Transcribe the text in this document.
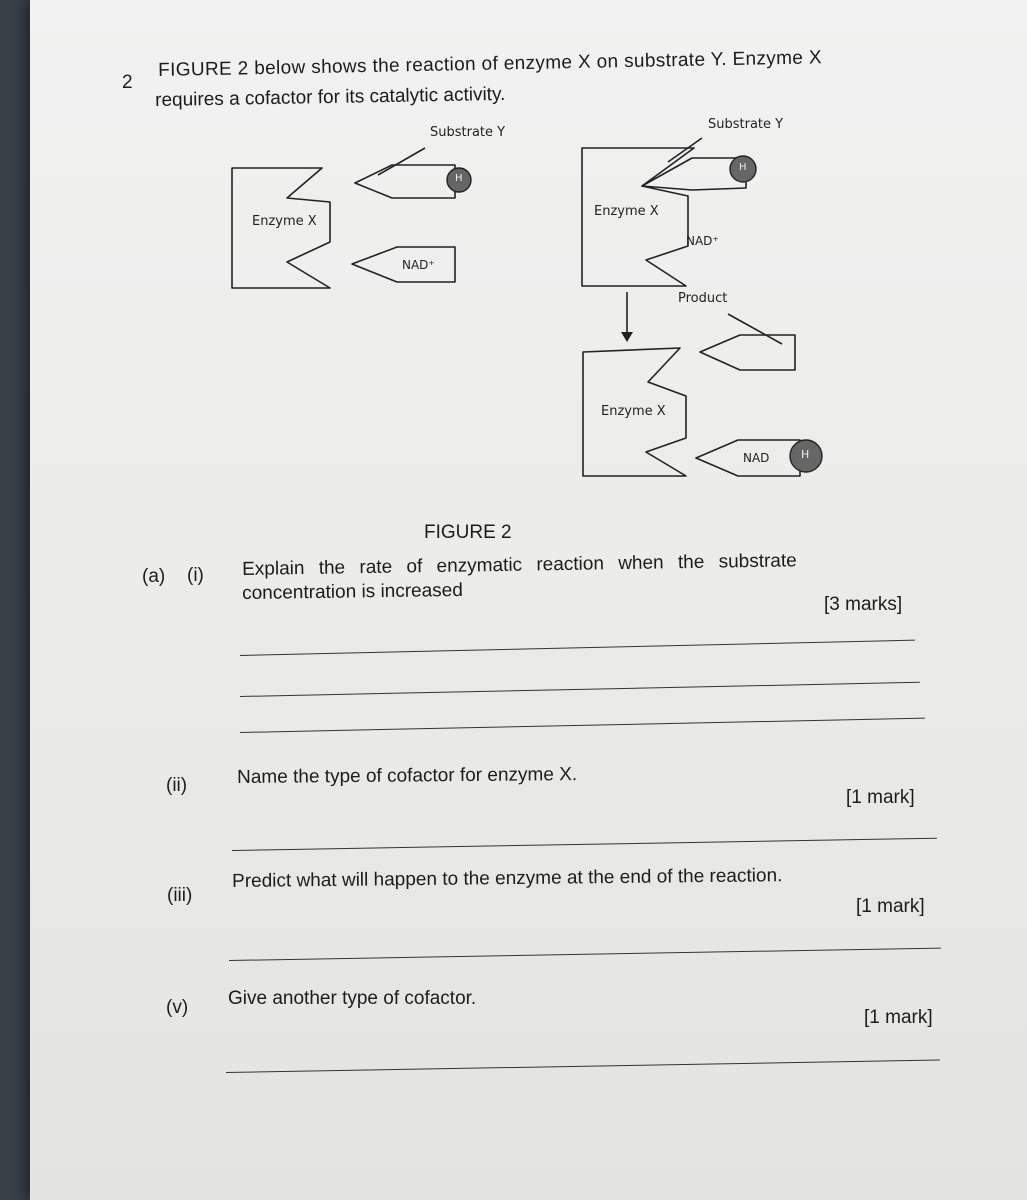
2
FIGURE 2 below shows the reaction of enzyme X on substrate Y. Enzyme X
requires a cofactor for its catalytic activity.
Substrate Y
Enzyme X
H
NAD⁺
Substrate Y
Enzyme X
H
NAD⁺
Product
Enzyme X
NAD	H
FIGURE 2
(a) (i) Explain the rate of enzymatic reaction when the substrate
concentration is increased
[3 marks]
(ii)	Name the type of cofactor for enzyme X.
[1 mark]
(iii)
Predict what will happen to the enzyme at the end of the reaction.
[1 mark]
(v) Give another type of cofactor.
[1 mark]
